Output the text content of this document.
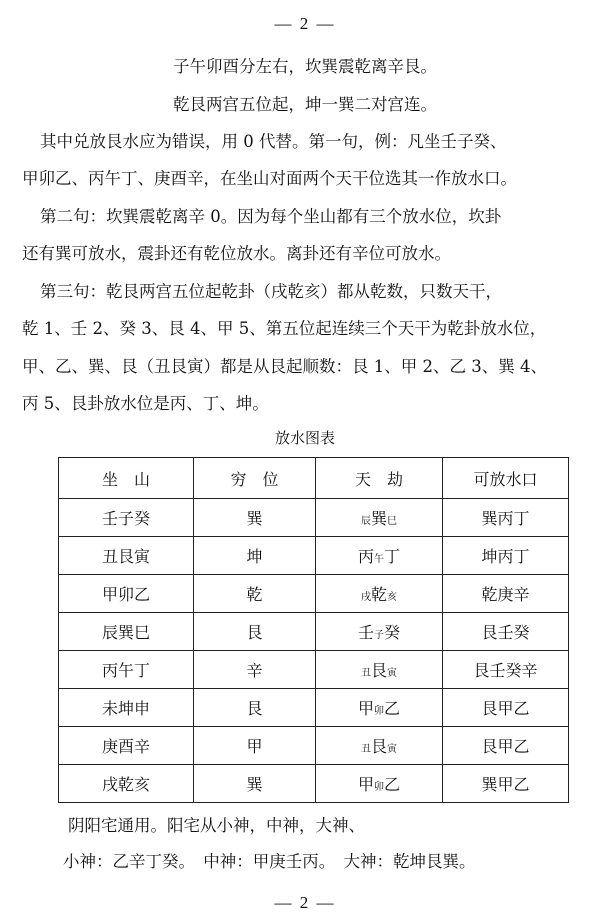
— 2 —
子午卯酉分左右，坎巽震乾离辛艮。
乾艮两宫五位起，坤一巽二对宫连。
其中兑放艮水应为错误，用 0 代替。第一句，例：凡坐壬子癸、
甲卯乙、丙午丁、庚酉辛，在坐山对面两个天干位选其一作放水口。
第二句：坎巽震乾离辛 0。因为每个坐山都有三个放水位，坎卦
还有巽可放水，震卦还有乾位放水。离卦还有辛位可放水。
第三句：乾艮两宫五位起乾卦（戌乾亥）都从乾数，只数天干，
乾 1、壬 2、癸 3、艮 4、甲 5、第五位起连续三个天干为乾卦放水位，
甲、乙、巽、艮（丑艮寅）都是从艮起顺数：艮 1、甲 2、乙 3、巽 4、
丙 5、艮卦放水位是丙、丁、坤。
放水图表
坐　山	穷　位	天　劫	可放水口
壬子癸	巽	辰巽巳	巽丙丁
丑艮寅	坤	丙午丁	坤丙丁
甲卯乙	乾	戌乾亥	乾庚辛
辰巽巳	艮	壬子癸	艮壬癸
丙午丁	辛	丑艮寅	艮壬癸辛
未坤申	艮	甲卯乙	艮甲乙
庚酉辛	甲	丑艮寅	艮甲乙
戌乾亥	巽	甲卯乙	巽甲乙
阴阳宅通用。阳宅从小神，中神，大神、
小神：乙辛丁癸。　中神：甲庚壬丙。　大神：乾坤艮巽。
— 2 —
